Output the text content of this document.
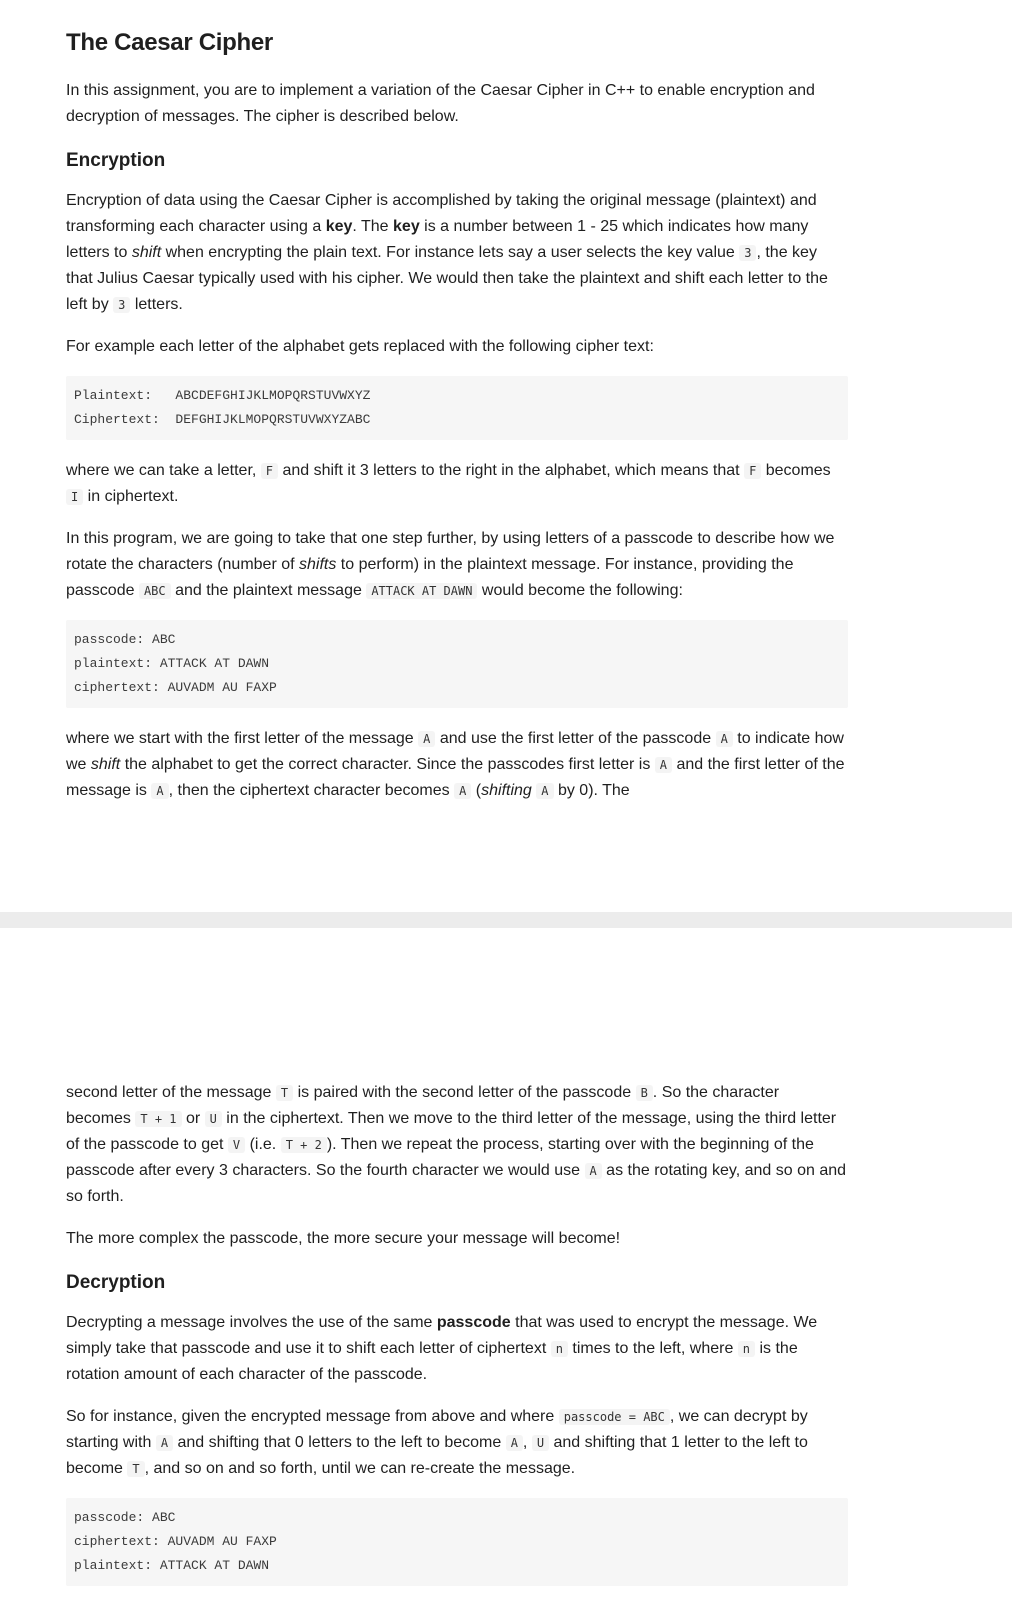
The Caesar Cipher

In this assignment, you are to implement a variation of the Caesar Cipher in C++ to enable encryption and decryption of messages. The cipher is described below.

Encryption

Encryption of data using the Caesar Cipher is accomplished by taking the original message (plaintext) and transforming each character using a key. The key is a number between 1 - 25 which indicates how many letters to shift when encrypting the plain text. For instance lets say a user selects the key value 3 , the key that Julius Caesar typically used with his cipher. We would then take the plaintext and shift each letter to the left by 3 letters.

For example each letter of the alphabet gets replaced with the following cipher text:

Plaintext:   ABCDEFGHIJKLMOPQRSTUVWXYZ
Ciphertext:  DEFGHIJKLMOPQRSTUVWXYZABC

where we can take a letter, F and shift it 3 letters to the right in the alphabet, which means that F becomes I in ciphertext.

In this program, we are going to take that one step further, by using letters of a passcode to describe how we rotate the characters (number of shifts to perform) in the plaintext message. For instance, providing the passcode ABC and the plaintext message ATTACK AT DAWN would become the following:

passcode: ABC
plaintext: ATTACK AT DAWN
ciphertext: AUVADM AU FAXP

where we start with the first letter of the message A and use the first letter of the passcode A to indicate how we shift the alphabet to get the correct character. Since the passcodes first letter is A and the first letter of the message is A , then the ciphertext character becomes A (shifting A by 0). The

second letter of the message T is paired with the second letter of the passcode B . So the character becomes T + 1 or U in the ciphertext. Then we move to the third letter of the message, using the third letter of the passcode to get V (i.e. T + 2 ). Then we repeat the process, starting over with the beginning of the passcode after every 3 characters. So the fourth character we would use A as the rotating key, and so on and so forth.

The more complex the passcode, the more secure your message will become!

Decryption

Decrypting a message involves the use of the same passcode that was used to encrypt the message. We simply take that passcode and use it to shift each letter of ciphertext n times to the left, where n is the rotation amount of each character of the passcode.

So for instance, given the encrypted message from above and where passcode = ABC , we can decrypt by starting with A and shifting that 0 letters to the left to become A , U and shifting that 1 letter to the left to become T , and so on and so forth, until we can re-create the message.

passcode: ABC
ciphertext: AUVADM AU FAXP
plaintext: ATTACK AT DAWN
